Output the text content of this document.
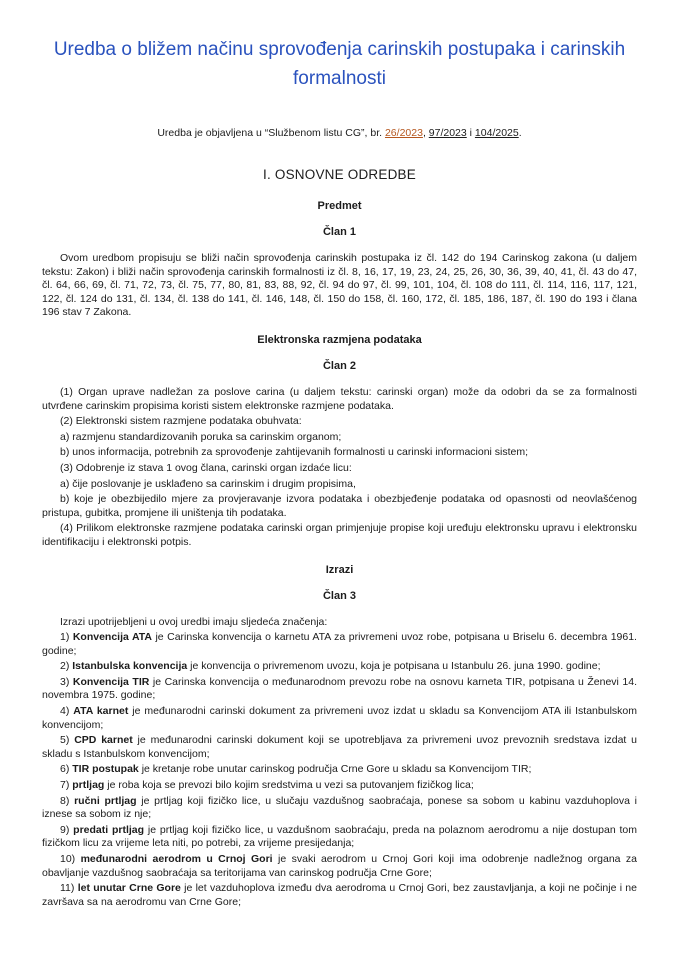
Uredba o bližem načinu sprovođenja carinskih postupaka i carinskih formalnosti

Uredba je objavljena u “Službenom listu CG”, br. 26/2023, 97/2023 i 104/2025.

I. OSNOVNE ODREDBE
Predmet
Član 1

Ovom uredbom propisuju se bliži način sprovođenja carinskih postupaka iz čl. 142 do 194 Carinskog zakona (u daljem tekstu: Zakon) i bliži način sprovođenja carinskih formalnosti iz čl. 8, 16, 17, 19, 23, 24, 25, 26, 30, 36, 39, 40, 41, čl. 43 do 47, čl. 64, 66, 69, čl. 71, 72, 73, čl. 75, 77, 80, 81, 83, 88, 92, čl. 94 do 97, čl. 99, 101, 104, čl. 108 do 111, čl. 114, 116, 117, 121, 122, čl. 124 do 131, čl. 134, čl. 138 do 141, čl. 146, 148, čl. 150 do 158, čl. 160, 172, čl. 185, 186, 187, čl. 190 do 193 i člana 196 stav 7 Zakona.

Elektronska razmjena podataka
Član 2

(1) Organ uprave nadležan za poslove carina (u daljem tekstu: carinski organ) može da odobri da se za formalnosti utvrđene carinskim propisima koristi sistem elektronske razmjene podataka.

(2) Elektronski sistem razmjene podataka obuhvata:

a) razmjenu standardizovanih poruka sa carinskim organom;

b) unos informacija, potrebnih za sprovođenje zahtijevanih formalnosti u carinski informacioni sistem;

(3) Odobrenje iz stava 1 ovog člana, carinski organ izdaće licu:

a) čije poslovanje je usklađeno sa carinskim i drugim propisima,

b) koje je obezbijedilo mjere za provjeravanje izvora podataka i obezbjeđenje podataka od opasnosti od neovlašćenog pristupa, gubitka, promjene ili uništenja tih podataka.

(4) Prilikom elektronske razmjene podataka carinski organ primjenjuje propise koji uređuju elektronsku upravu i elektronsku identifikaciju i elektronski potpis.

Izrazi
Član 3

Izrazi upotrijebljeni u ovoj uredbi imaju sljedeća značenja:

1) Konvencija ATA je Carinska konvencija o karnetu ATA za privremeni uvoz robe, potpisana u Briselu 6. decembra 1961. godine;

2) Istanbulska konvencija je konvencija o privremenom uvozu, koja je potpisana u Istanbulu 26. juna 1990. godine;

3) Konvencija TIR je Carinska konvencija o međunarodnom prevozu robe na osnovu karneta TIR, potpisana u Ženevi 14. novembra 1975. godine;

4) ATA karnet je međunarodni carinski dokument za privremeni uvoz izdat u skladu sa Konvencijom ATA ili Istanbulskom konvencijom;

5) CPD karnet je međunarodni carinski dokument koji se upotrebljava za privremeni uvoz prevoznih sredstava izdat u skladu s Istanbulskom konvencijom;

6) TIR postupak je kretanje robe unutar carinskog područja Crne Gore u skladu sa Konvencijom TIR;

7) prtljag je roba koja se prevozi bilo kojim sredstvima u vezi sa putovanjem fizičkog lica;

8) ručni prtljag je prtljag koji fizičko lice, u slučaju vazdušnog saobraćaja, ponese sa sobom u kabinu vazduhoplova i iznese sa sobom iz nje;

9) predati prtljag je prtljag koji fizičko lice, u vazdušnom saobraćaju, preda na polaznom aerodromu a nije dostupan tom fizičkom licu za vrijeme leta niti, po potrebi, za vrijeme presijedanja;

10) međunarodni aerodrom u Crnoj Gori je svaki aerodrom u Crnoj Gori koji ima odobrenje nadležnog organa za obavljanje vazdušnog saobraćaja sa teritorijama van carinskog područja Crne Gore;

11) let unutar Crne Gore je let vazduhoplova između dva aerodroma u Crnoj Gori, bez zaustavljanja, a koji ne počinje i ne završava sa na aerodromu van Crne Gore;
